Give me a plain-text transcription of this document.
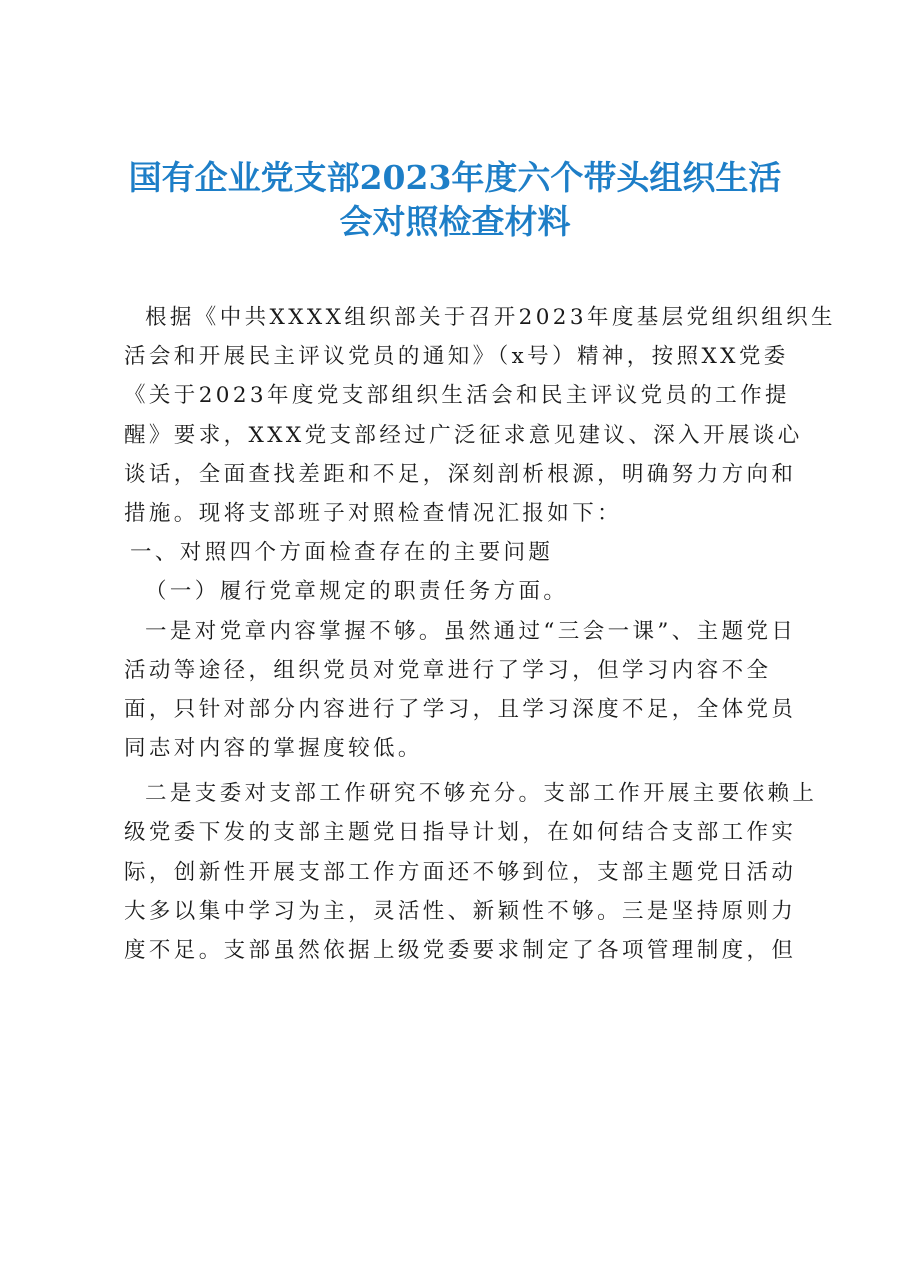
国有企业党支部2023年度六个带头组织生活
会对照检查材料
根据《中共XXXX组织部关于召开2023年度基层党组织组织生
活会和开展民主评议党员的通知》（x号）精神，按照XX党委
《关于2023年度党支部组织生活会和民主评议党员的工作提
醒》要求，XXX党支部经过广泛征求意见建议、深入开展谈心
谈话，全面查找差距和不足，深刻剖析根源，明确努力方向和
措施。现将支部班子对照检查情况汇报如下：
一、对照四个方面检查存在的主要问题
（一）履行党章规定的职责任务方面。
一是对党章内容掌握不够。虽然通过“三会一课”、主题党日
活动等途径，组织党员对党章进行了学习，但学习内容不全
面，只针对部分内容进行了学习，且学习深度不足，全体党员
同志对内容的掌握度较低。
二是支委对支部工作研究不够充分。支部工作开展主要依赖上
级党委下发的支部主题党日指导计划，在如何结合支部工作实
际，创新性开展支部工作方面还不够到位，支部主题党日活动
大多以集中学习为主，灵活性、新颖性不够。三是坚持原则力
度不足。支部虽然依据上级党委要求制定了各项管理制度，但
